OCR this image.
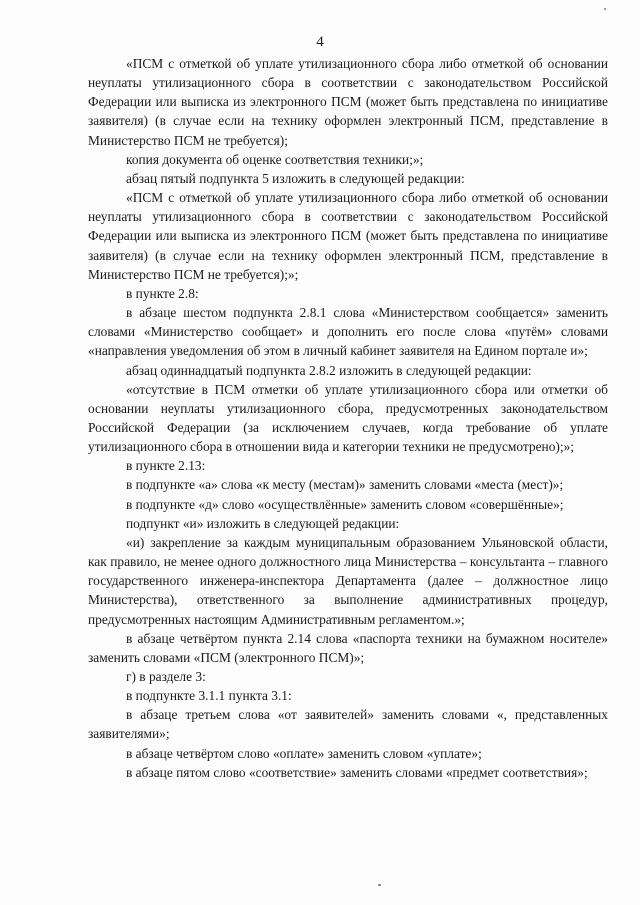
4

«ПСМ с отметкой об уплате утилизационного сбора либо отметкой об основании неуплаты утилизационного сбора в соответствии с законодательством Российской Федерации или выписка из электронного ПСМ (может быть представлена по инициативе заявителя) (в случае если на технику оформлен электронный ПСМ, представление в Министерство ПСМ не требуется);

копия документа об оценке соответствия техники;»;

абзац пятый подпункта 5 изложить в следующей редакции:

«ПСМ с отметкой об уплате утилизационного сбора либо отметкой об основании неуплаты утилизационного сбора в соответствии с законодательством Российской Федерации или выписка из электронного ПСМ (может быть представлена по инициативе заявителя) (в случае если на технику оформлен электронный ПСМ, представление в Министерство ПСМ не требуется);»;

в пункте 2.8:

в абзаце шестом подпункта 2.8.1 слова «Министерством сообщается» заменить словами «Министерство сообщает» и дополнить его после слова «путём» словами «направления уведомления об этом в личный кабинет заявителя на Едином портале и»;

абзац одиннадцатый подпункта 2.8.2 изложить в следующей редакции:

«отсутствие в ПСМ отметки об уплате утилизационного сбора или отметки об основании неуплаты утилизационного сбора, предусмотренных законодательством Российской Федерации (за исключением случаев, когда требование об уплате утилизационного сбора в отношении вида и категории техники не предусмотрено);»;

в пункте 2.13:

в подпункте «а» слова «к месту (местам)» заменить словами «места (мест)»;

в подпункте «д» слово «осуществлённые» заменить словом «совершённые»;

подпункт «и» изложить в следующей редакции:

«и) закрепление за каждым муниципальным образованием Ульяновской области, как правило, не менее одного должностного лица Министерства – консультанта – главного государственного инженера-инспектора Департамента (далее – должностное лицо Министерства), ответственного за выполнение административных процедур, предусмотренных настоящим Административным регламентом.»;

в абзаце четвёртом пункта 2.14 слова «паспорта техники на бумажном носителе» заменить словами «ПСМ (электронного ПСМ)»;

г) в разделе 3:

в подпункте 3.1.1 пункта 3.1:

в абзаце третьем слова «от заявителей» заменить словами «, представленных заявителями»;

в абзаце четвёртом слово «оплате» заменить словом «уплате»;

в абзаце пятом слово «соответствие» заменить словами «предмет соответствия»;
